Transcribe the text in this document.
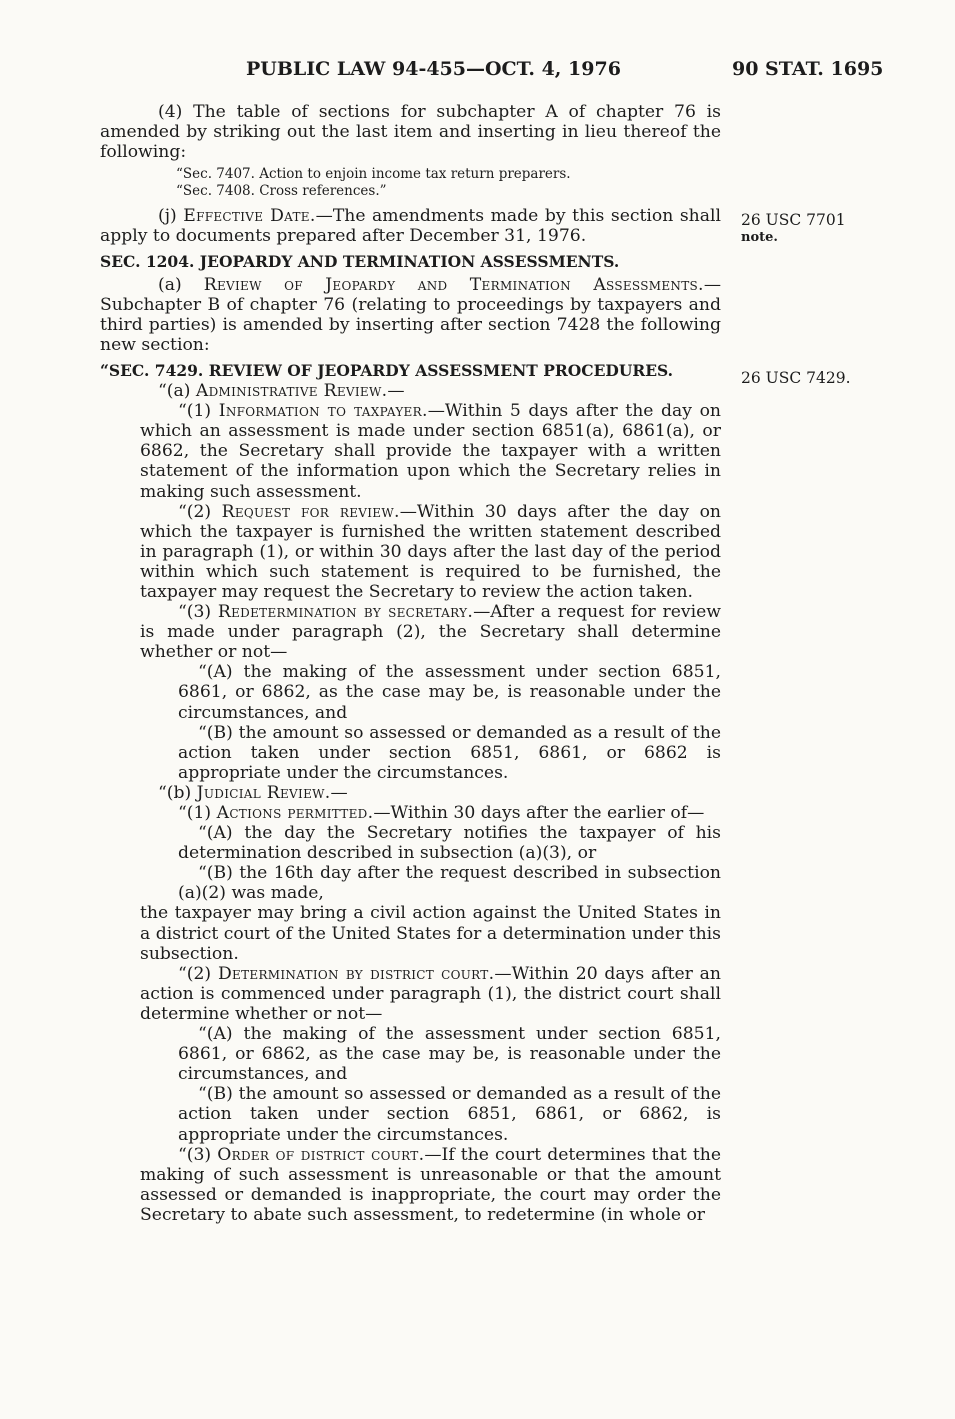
PUBLIC LAW 94-455—OCT. 4, 1976	90 STAT. 1695
26 USC 7701
note.
26 USC 7429.

(4) The table of sections for subchapter A of chapter 76 is amended by striking out the last item and inserting in lieu thereof the following:

“Sec. 7407. Action to enjoin income tax return preparers.

“Sec. 7408. Cross references.”

(j) Effective Date.—The amendments made by this section shall apply to documents prepared after December 31, 1976.

SEC. 1204. JEOPARDY AND TERMINATION ASSESSMENTS.

(a) Review of Jeopardy and Termination Assessments.—Subchapter B of chapter 76 (relating to proceedings by taxpayers and third parties) is amended by inserting after section 7428 the following new section:

“SEC. 7429. REVIEW OF JEOPARDY ASSESSMENT PROCEDURES.

“(a) Administrative Review.—

“(1) Information to taxpayer.—Within 5 days after the day on which an assessment is made under section 6851(a), 6861(a), or 6862, the Secretary shall provide the taxpayer with a written statement of the information upon which the Secretary relies in making such assessment.

“(2) Request for review.—Within 30 days after the day on which the taxpayer is furnished the written statement described in paragraph (1), or within 30 days after the last day of the period within which such statement is required to be furnished, the taxpayer may request the Secretary to review the action taken.

“(3) Redetermination by secretary.—After a request for review is made under paragraph (2), the Secretary shall determine whether or not—

“(A) the making of the assessment under section 6851, 6861, or 6862, as the case may be, is reasonable under the circumstances, and

“(B) the amount so assessed or demanded as a result of the action taken under section 6851, 6861, or 6862 is appropriate under the circumstances.

“(b) Judicial Review.—

“(1) Actions permitted.—Within 30 days after the earlier of—

“(A) the day the Secretary notifies the taxpayer of his determination described in subsection (a)(3), or

“(B) the 16th day after the request described in subsection (a)(2) was made,

the taxpayer may bring a civil action against the United States in a district court of the United States for a determination under this subsection.

“(2) Determination by district court.—Within 20 days after an action is commenced under paragraph (1), the district court shall determine whether or not—

“(A) the making of the assessment under section 6851, 6861, or 6862, as the case may be, is reasonable under the circumstances, and

“(B) the amount so assessed or demanded as a result of the action taken under section 6851, 6861, or 6862, is appropriate under the circumstances.

“(3) Order of district court.—If the court determines that the making of such assessment is unreasonable or that the amount assessed or demanded is inappropriate, the court may order the Secretary to abate such assessment, to redetermine (in whole or
